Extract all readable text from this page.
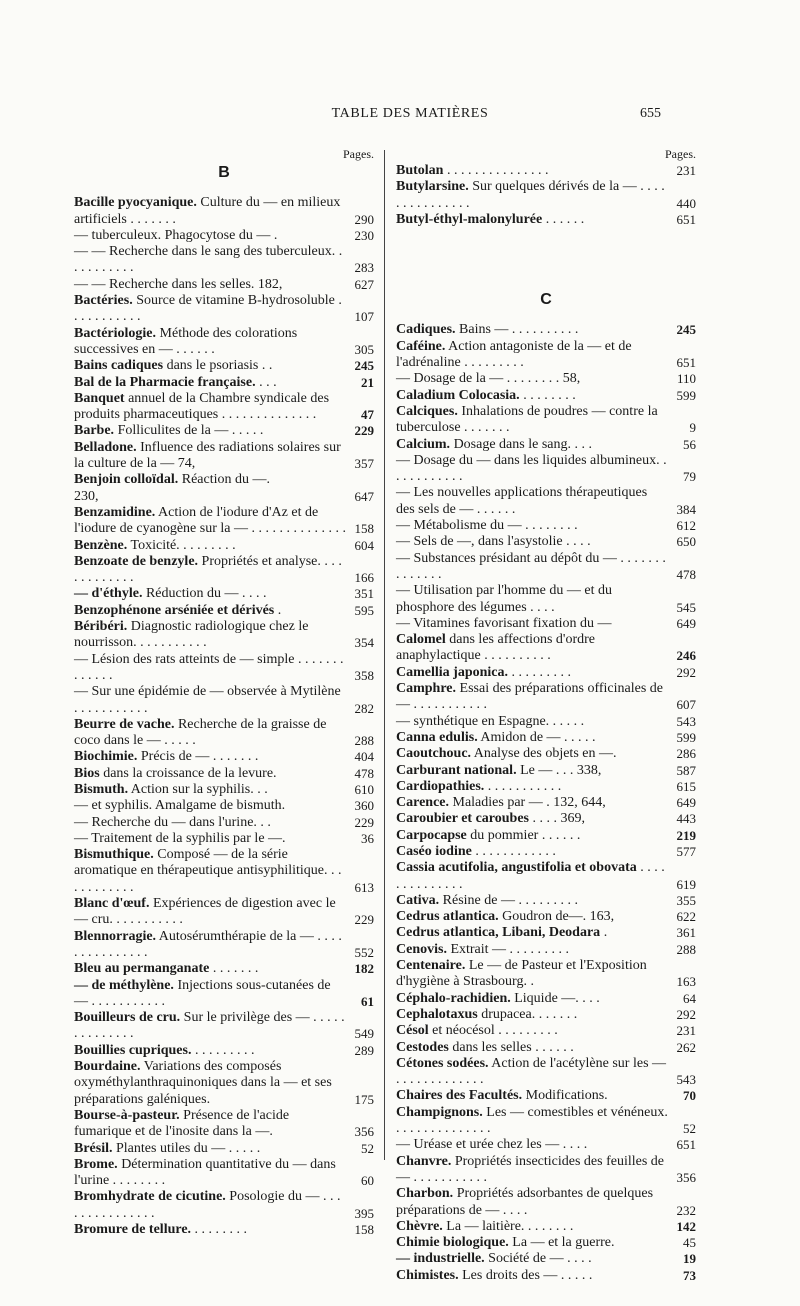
TABLE DES MATIÈRES	655
Pages.
B
Bacille pyocyanique. Culture du — en milieux artificiels . . . . . . .	290
— tuberculeux. Phagocytose du — .	230
— — Recherche dans le sang des tuberculeux. . . . . . . . . . .	283
— — Recherche dans les selles. 182,	627
Bactéries. Source de vitamine B-hydrosoluble . . . . . . . . . . .	107
Bactériologie. Méthode des colorations successives en — . . . . . .	305
Bains cadiques dans le psoriasis . .	245
Bal de la Pharmacie française. . . .	21
Banquet annuel de la Chambre syndicale des produits pharmaceutiques . . . . . . . . . . . . . .	47
Barbe. Folliculites de la — . . . . .	229
Belladone. Influence des radiations solaires sur la culture de la — 74,	357
Benjoin colloïdal. Réaction du —.
230,	647
Benzamidine. Action de l'iodure d'Az et de l'iodure de cyanogène sur la — . . . . . . . . . . . . . . 158
Benzène. Toxicité. . . . . . . . .	604
Benzoate de benzyle. Propriétés et analyse. . . . . . . . . . . . .	166
— d'éthyle. Réduction du — . . . .	351
Benzophénone arséniée et dérivés .	595
Béribéri. Diagnostic radiologique chez le nourrisson. . . . . . . . . . .	354
— Lésion des rats atteints de — simple . . . . . . . . . . . . .	358
— Sur une épidémie de — observée à Mytilène . . . . . . . . . . .	282
Beurre de vache. Recherche de la graisse de coco dans le — . . . . .	288
Biochimie. Précis de — . . . . . . .	404
Bios dans la croissance de la levure.	478
Bismuth. Action sur la syphilis. . .	610
— et syphilis. Amalgame de bismuth.	360
— Recherche du — dans l'urine. . .	229
— Traitement de la syphilis par le —.	36
Bismuthique. Composé — de la série aromatique en thérapeutique antisyphilitique. . . . . . . . . . . .	613
Blanc d'œuf. Expériences de digestion avec le — cru. . . . . . . . . . .	229
Blennorragie. Autosérumthérapie de la — . . . . . . . . . . . . . . .	552
Bleu au permanganate . . . . . . .	182
— de méthylène. Injections sous-cutanées de — . . . . . . . . . . .	61
Bouilleurs de cru. Sur le privilège des — . . . . . . . . . . . . . .	549
Bouillies cupriques. . . . . . . . . .	289
Bourdaine. Variations des composés oxyméthylanthraquinoniques dans la — et ses préparations galéniques.	175
Bourse-à-pasteur. Présence de l'acide fumarique et de l'inosite dans la —.	356
Brésil. Plantes utiles du — . . . . .	52
Brome. Détermination quantitative du — dans l'urine . . . . . . . .	60
Bromhydrate de cicutine. Posologie du — . . . . . . . . . . . . . . .	395
Bromure de tellure. . . . . . . . .	158
Pages.
Butolan . . . . . . . . . . . . . . .	231
Butylarsine. Sur quelques dérivés de la — . . . . . . . . . . . . . . .	440
Butyl-éthyl-malonylurée . . . . . .	651
C
Cadiques. Bains — . . . . . . . . . .	245
Caféine. Action antagoniste de la — et de l'adrénaline . . . . . . . . .	651
— Dosage de la — . . . . . . . . 58,	110
Caladium Colocasia. . . . . . . . .	599
Calciques. Inhalations de poudres — contre la tuberculose . . . . . . .	9
Calcium. Dosage dans le sang. . . .	56
— Dosage du — dans les liquides albumineux. . . . . . . . . . . .	79
— Les nouvelles applications thérapeutiques des sels de — . . . . . .	384
— Métabolisme du — . . . . . . . .	612
— Sels de —, dans l'asystolie . . . .	650
— Substances présidant au dépôt du — . . . . . . . . . . . . . .	478
— Utilisation par l'homme du — et du phosphore des légumes . . . .	545
— Vitamines favorisant fixation du —	649
Calomel dans les affections d'ordre anaphylactique . . . . . . . . . .	246
Camellia japonica. . . . . . . . . .	292
Camphre. Essai des préparations officinales de — . . . . . . . . . . .	607
— synthétique en Espagne. . . . . .	543
Canna edulis. Amidon de — . . . . .	599
Caoutchouc. Analyse des objets en —.	286
Carburant national. Le — . . . 338,	587
Cardiopathies. . . . . . . . . . . .	615
Carence. Maladies par — . 132, 644,	649
Caroubier et caroubes . . . . 369,	443
Carpocapse du pommier . . . . . .	219
Caséo iodine . . . . . . . . . . . .	577
Cassia acutifolia, angustifolia et obovata . . . . . . . . . . . . . .	619
Cativa. Résine de — . . . . . . . . .	355
Cedrus atlantica. Goudron de—. 163,	622
Cedrus atlantica, Libani, Deodara .	361
Cenovis. Extrait — . . . . . . . . .	288
Centenaire. Le — de Pasteur et l'Exposition d'hygiène à Strasbourg. .	163
Céphalo-rachidien. Liquide —. . . .	64
Cephalotaxus drupacea. . . . . . .	292
Césol et néocésol . . . . . . . . .	231
Cestodes dans les selles . . . . . .	262
Cétones sodées. Action de l'acétylène sur les — . . . . . . . . . . . . .	543
Chaires des Facultés. Modifications.	70
Champignons. Les — comestibles et vénéneux. . . . . . . . . . . . . . .	52
— Uréase et urée chez les — . . . .	651
Chanvre. Propriétés insecticides des feuilles de — . . . . . . . . . . .	356
Charbon. Propriétés adsorbantes de quelques préparations de — . . . .	232
Chèvre. La — laitière. . . . . . . .	142
Chimie biologique. La — et la guerre.	45
— industrielle. Société de — . . . .	19
Chimistes. Les droits des — . . . . .	73
